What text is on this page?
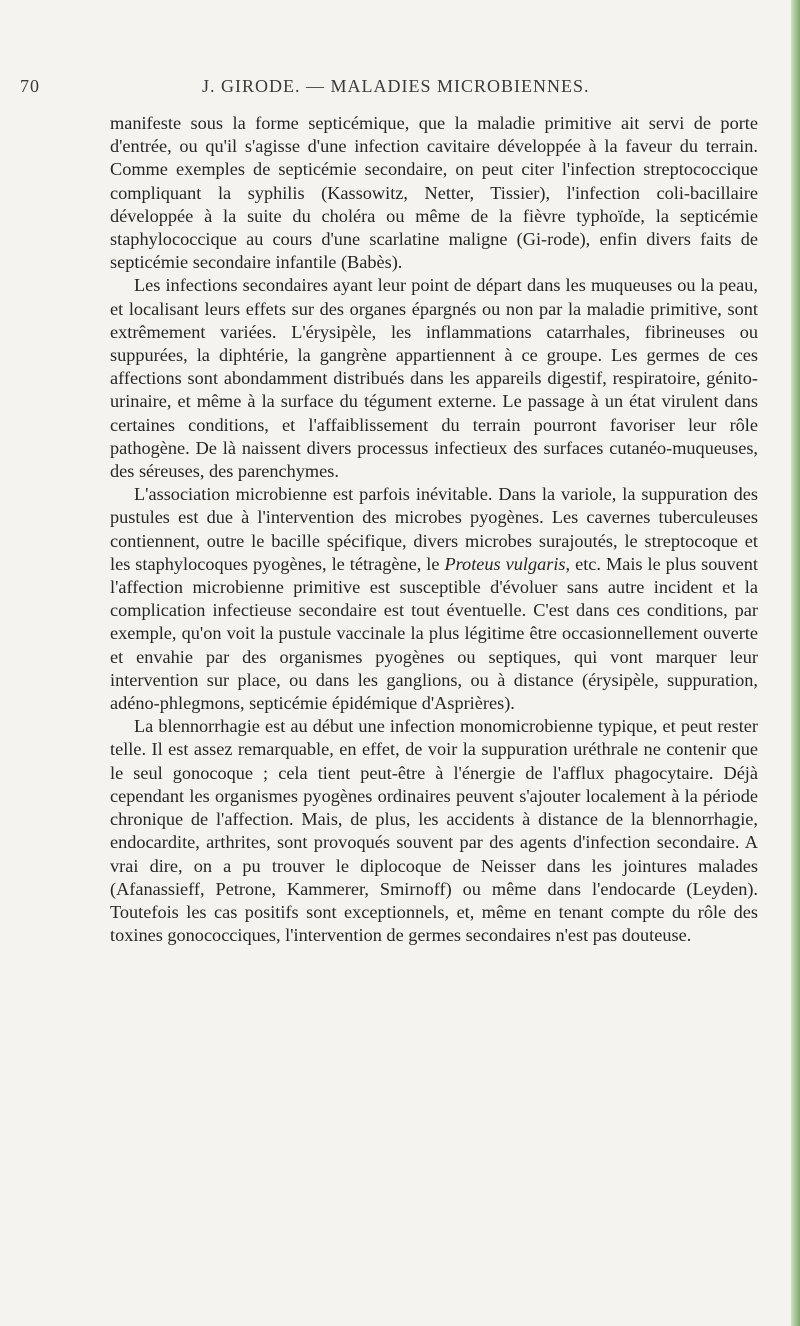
70	J. GIRODE. — MALADIES MICROBIENNES.

manifeste sous la forme septicémique, que la maladie primitive ait servi de porte d'entrée, ou qu'il s'agisse d'une infection cavitaire développée à la faveur du terrain. Comme exemples de septicémie secondaire, on peut citer l'infection streptococcique compliquant la syphilis (Kassowitz, Netter, Tissier), l'infection coli-bacillaire développée à la suite du choléra ou même de la fièvre typhoïde, la septicémie staphylococcique au cours d'une scarlatine maligne (Gi-rode), enfin divers faits de septicémie secondaire infantile (Babès).

Les infections secondaires ayant leur point de départ dans les muqueuses ou la peau, et localisant leurs effets sur des organes épargnés ou non par la maladie primitive, sont extrêmement variées. L'érysipèle, les inflammations catarrhales, fibrineuses ou suppurées, la diphtérie, la gangrène appartiennent à ce groupe. Les germes de ces affections sont abondamment distribués dans les appareils digestif, respiratoire, génito-urinaire, et même à la surface du tégument externe. Le passage à un état virulent dans certaines conditions, et l'affaiblissement du terrain pourront favoriser leur rôle pathogène. De là naissent divers processus infectieux des surfaces cutanéo-muqueuses, des séreuses, des parenchymes.

L'association microbienne est parfois inévitable. Dans la variole, la suppuration des pustules est due à l'intervention des microbes pyogènes. Les cavernes tuberculeuses contiennent, outre le bacille spécifique, divers microbes surajoutés, le streptocoque et les staphylocoques pyogènes, le tétragène, le Proteus vulgaris, etc. Mais le plus souvent l'affection microbienne primitive est susceptible d'évoluer sans autre incident et la complication infectieuse secondaire est tout éventuelle. C'est dans ces conditions, par exemple, qu'on voit la pustule vaccinale la plus légitime être occasionnellement ouverte et envahie par des organismes pyogènes ou septiques, qui vont marquer leur intervention sur place, ou dans les ganglions, ou à distance (érysipèle, suppuration, adéno-phlegmons, septicémie épidémique d'Asprières).

La blennorrhagie est au début une infection monomicrobienne typique, et peut rester telle. Il est assez remarquable, en effet, de voir la suppuration uréthrale ne contenir que le seul gonocoque ; cela tient peut-être à l'énergie de l'afflux phagocytaire. Déjà cependant les organismes pyogènes ordinaires peuvent s'ajouter localement à la période chronique de l'affection. Mais, de plus, les accidents à distance de la blennorrhagie, endocardite, arthrites, sont provoqués souvent par des agents d'infection secondaire. A vrai dire, on a pu trouver le diplocoque de Neisser dans les jointures malades (Afanassieff, Petrone, Kammerer, Smirnoff) ou même dans l'endocarde (Leyden). Toutefois les cas positifs sont exceptionnels, et, même en tenant compte du rôle des toxines gonococciques, l'intervention de germes secondaires n'est pas douteuse.
